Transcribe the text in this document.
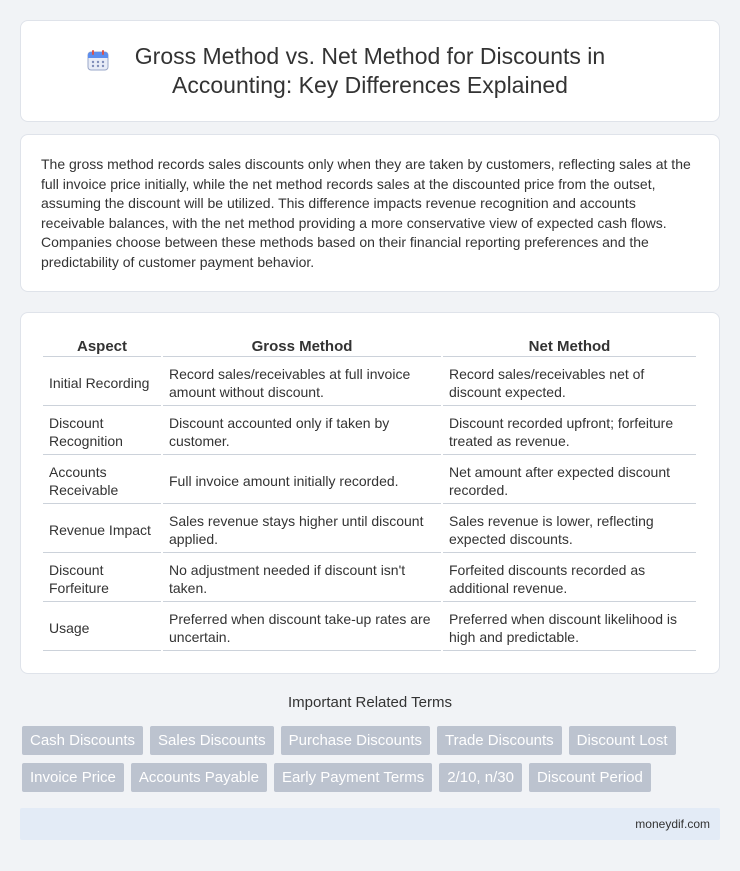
Gross Method vs. Net Method for Discounts in
Accounting: Key Differences Explained

The gross method records sales discounts only when they are taken by customers, reflecting sales at the full invoice price initially, while the net method records sales at the discounted price from the outset, assuming the discount will be utilized. This difference impacts revenue recognition and accounts receivable balances, with the net method providing a more conservative view of expected cash flows. Companies choose between these methods based on their financial reporting preferences and the predictability of customer payment behavior.

Aspect	Gross Method	Net Method
Initial Recording	Record sales/receivables at full invoice amount without discount.	Record sales/receivables net of discount expected.
Discount Recognition	Discount accounted only if taken by customer.	Discount recorded upfront; forfeiture treated as revenue.
Accounts Receivable	Full invoice amount initially recorded.	Net amount after expected discount recorded.
Revenue Impact	Sales revenue stays higher until discount applied.	Sales revenue is lower, reflecting expected discounts.
Discount Forfeiture	No adjustment needed if discount isn't taken.	Forfeited discounts recorded as additional revenue.
Usage	Preferred when discount take-up rates are uncertain.	Preferred when discount likelihood is high and predictable.
Important Related Terms
Cash Discounts	Sales Discounts	Purchase Discounts	Trade Discounts	Discount Lost
Invoice Price	Accounts Payable	Early Payment Terms	2/10, n/30	Discount Period
moneydif.com
